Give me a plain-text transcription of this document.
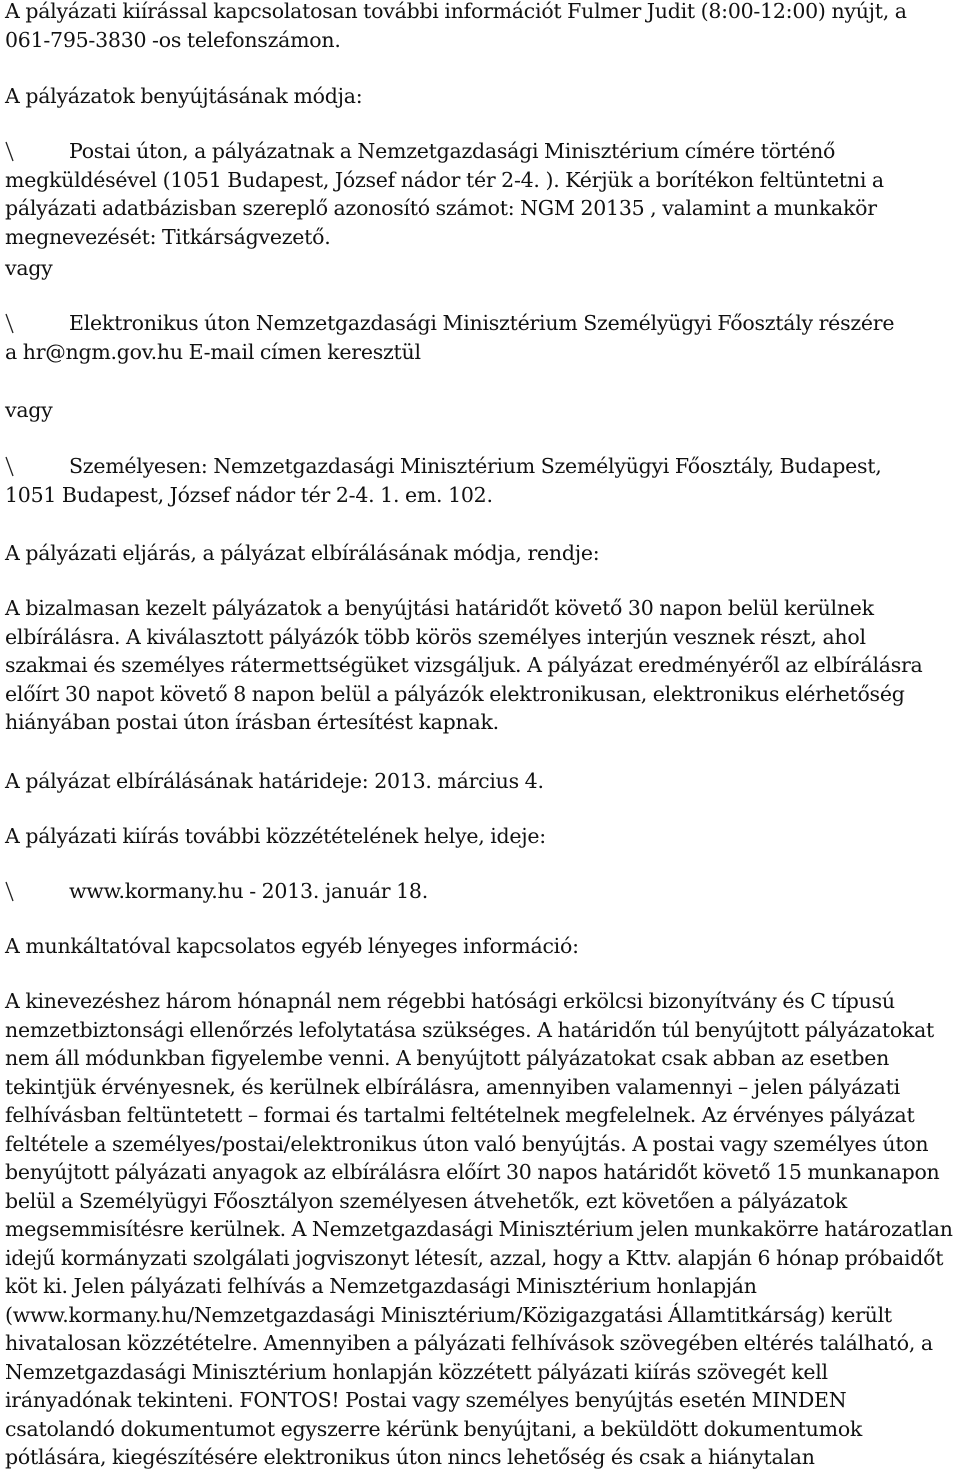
A pályázati kiírással kapcsolatosan további információt Fulmer Judit (8:00-12:00) nyújt, a 061-795-3830 -os telefonszámon.

A pályázatok benyújtásának módja:

Postai úton, a pályázatnak a Nemzetgazdasági Minisztérium címére történő megküldésével (1051 Budapest, József nádor tér 2-4. ). Kérjük a borítékon feltüntetni a pályázati adatbázisban szereplő azonosító számot: NGM 20135 , valamint a munkakör megnevezését: Titkárságvezető.

vagy

Elektronikus úton Nemzetgazdasági Minisztérium Személyügyi Főosztály részére a hr@ngm.gov.hu E-mail címen keresztül

vagy

Személyesen: Nemzetgazdasági Minisztérium Személyügyi Főosztály, Budapest, 1051 Budapest, József nádor tér 2-4. 1. em. 102.

A pályázati eljárás, a pályázat elbírálásának módja, rendje:

A bizalmasan kezelt pályázatok a benyújtási határidőt követő 30 napon belül kerülnek elbírálásra. A kiválasztott pályázók több körös személyes interjún vesznek részt, ahol szakmai és személyes rátermettségüket vizsgáljuk. A pályázat eredményéről az elbírálásra előírt 30 napot követő 8 napon belül a pályázók elektronikusan, elektronikus elérhetőség hiányában postai úton írásban értesítést kapnak.

A pályázat elbírálásának határideje: 2013. március 4.

A pályázati kiírás további közzétételének helye, ideje:

www.kormany.hu - 2013. január 18.

A munkáltatóval kapcsolatos egyéb lényeges információ:

A kinevezéshez három hónapnál nem régebbi hatósági erkölcsi bizonyítvány és C típusú nemzetbiztonsági ellenőrzés lefolytatása szükséges. A határidőn túl benyújtott pályázatokat nem áll módunkban figyelembe venni. A benyújtott pályázatokat csak abban az esetben tekintjük érvényesnek, és kerülnek elbírálásra, amennyiben valamennyi – jelen pályázati felhívásban feltüntetett – formai és tartalmi feltételnek megfelelnek. Az érvényes pályázat feltétele a személyes/postai/elektronikus úton való benyújtás. A postai vagy személyes úton benyújtott pályázati anyagok az elbírálásra előírt 30 napos határidőt követő 15 munkanapon belül a Személyügyi Főosztályon személyesen átvehetők, ezt követően a pályázatok megsemmisítésre kerülnek. A Nemzetgazdasági Minisztérium jelen munkakörre határozatlan idejű kormányzati szolgálati jogviszonyt létesít, azzal, hogy a Kttv. alapján 6 hónap próbaidőt köt ki. Jelen pályázati felhívás a Nemzetgazdasági Minisztérium honlapján (www.kormany.hu/Nemzetgazdasági Minisztérium/Közigazgatási Államtitkárság) került hivatalosan közzétételre. Amennyiben a pályázati felhívások szövegében eltérés található, a Nemzetgazdasági Minisztérium honlapján közzétett pályázati kiírás szövegét kell irányadónak tekinteni. FONTOS! Postai vagy személyes benyújtás esetén MINDEN csatolandó dokumentumot egyszerre kérünk benyújtani, a beküldött dokumentumok pótlására, kiegészítésére elektronikus úton nincs lehetőség és csak a hiánytalan
